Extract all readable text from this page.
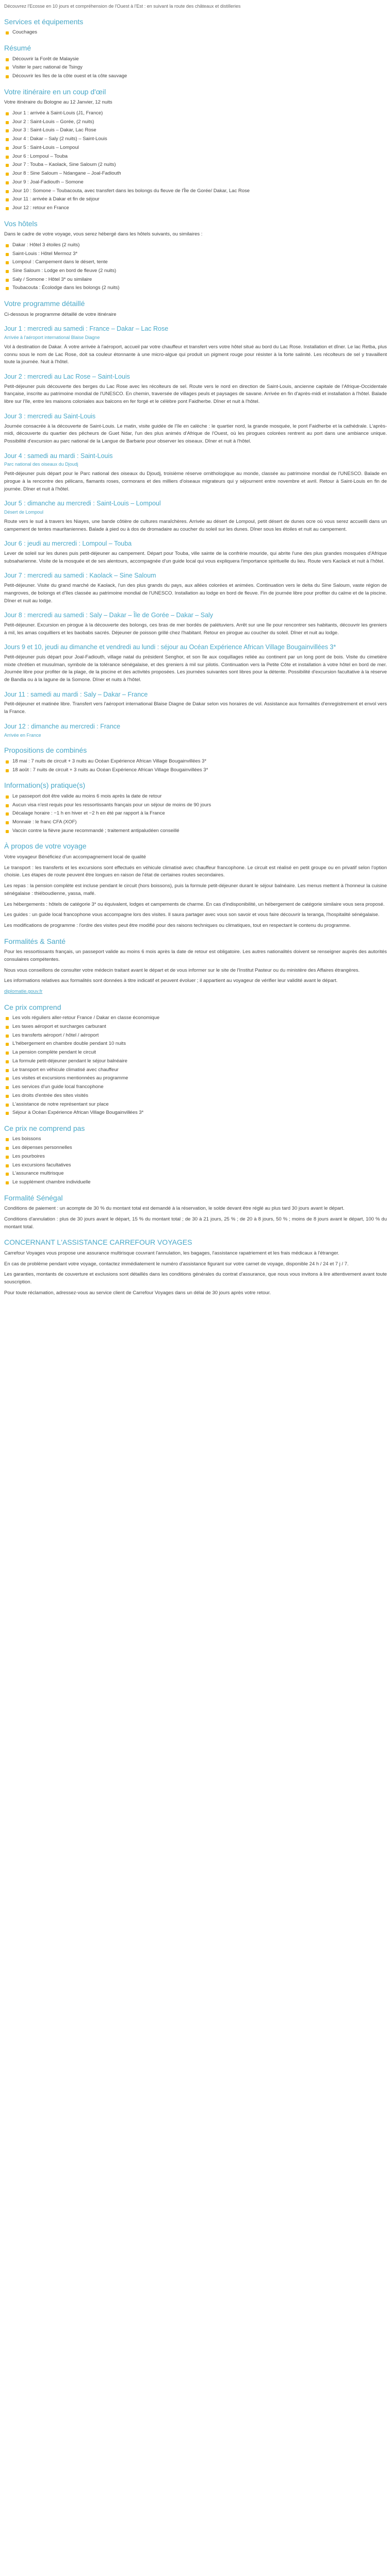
Découvrez l'Ecosse en 10 jours et compréhension de l'Ouest à l'Est : en suivant la route des châteaux et distilleries
Services et équipements
Couchages
Résumé
Découvrir la Forêt de Malaysie
Visiter le parc national de Tsingy
Découvrir les îles de la côte ouest et la côte sauvage
Votre itinéraire en un coup d'œil

Votre itinéraire du Bologne au 12 Janvier, 12 nuits

Jour 1 : arrivée à Saint-Louis (J1, France)
Jour 2 : Saint-Louis – Gorée, (2 nuits)
Jour 3 : Saint-Louis – Dakar, Lac Rose
Jour 4 : Dakar – Saly (2 nuits) – Saint-Louis
Jour 5 : Saint-Louis – Lompoul
Jour 6 : Lompoul – Touba
Jour 7 : Touba – Kaolack, Sine Saloum (2 nuits)
Jour 8 : Sine Saloum – Ndangane – Joal-Fadiouth
Jour 9 : Joal-Fadiouth – Somone
Jour 10 : Somone – Toubacouta, avec transfert dans les bolongs du fleuve de l'Île de Gorée/ Dakar, Lac Rose
Jour 11 : arrivée à Dakar et fin de séjour
Jour 12 : retour en France
Vos hôtels

Dans le cadre de votre voyage, vous serez hébergé dans les hôtels suivants, ou similaires :

Dakar : Hôtel 3 étoiles (2 nuits)
Saint-Louis : Hôtel Mermoz 3*
Lompoul : Campement dans le désert, tente
Sine Saloum : Lodge en bord de fleuve (2 nuits)
Saly / Somone : Hôtel 3* ou similaire
Toubacouta : Écolodge dans les bolongs (2 nuits)
Votre programme détaillé

Ci-dessous le programme détaillé de votre itinéraire

Jour 1 : mercredi au samedi : France – Dakar – Lac Rose
Arrivée à l'aéroport international Blaise Diagne

Vol à destination de Dakar. À votre arrivée à l'aéroport, accueil par votre chauffeur et transfert vers votre hôtel situé au bord du Lac Rose. Installation et dîner. Le lac Retba, plus connu sous le nom de Lac Rose, doit sa couleur étonnante à une micro-algue qui produit un pigment rouge pour résister à la forte salinité. Les récolteurs de sel y travaillent toute la journée. Nuit à l'hôtel.

Jour 2 : mercredi au Lac Rose – Saint-Louis

Petit-déjeuner puis découverte des berges du Lac Rose avec les récolteurs de sel. Route vers le nord en direction de Saint-Louis, ancienne capitale de l'Afrique-Occidentale française, inscrite au patrimoine mondial de l'UNESCO. En chemin, traversée de villages peuls et paysages de savane. Arrivée en fin d'après-midi et installation à l'hôtel. Balade libre sur l'île, entre les maisons coloniales aux balcons en fer forgé et le célèbre pont Faidherbe. Dîner et nuit à l'hôtel.

Jour 3 : mercredi au Saint-Louis

Journée consacrée à la découverte de Saint-Louis. Le matin, visite guidée de l'île en calèche : le quartier nord, la grande mosquée, le pont Faidherbe et la cathédrale. L'après-midi, découverte du quartier des pêcheurs de Guet Ndar, l'un des plus animés d'Afrique de l'Ouest, où les pirogues colorées rentrent au port dans une ambiance unique. Possibilité d'excursion au parc national de la Langue de Barbarie pour observer les oiseaux. Dîner et nuit à l'hôtel.

Jour 4 : samedi au mardi : Saint-Louis
Parc national des oiseaux du Djoudj

Petit-déjeuner puis départ pour le Parc national des oiseaux du Djoudj, troisième réserve ornithologique au monde, classée au patrimoine mondial de l'UNESCO. Balade en pirogue à la rencontre des pélicans, flamants roses, cormorans et des milliers d'oiseaux migrateurs qui y séjournent entre novembre et avril. Retour à Saint-Louis en fin de journée. Dîner et nuit à l'hôtel.

Jour 5 : dimanche au mercredi : Saint-Louis – Lompoul
Désert de Lompoul

Route vers le sud à travers les Niayes, une bande côtière de cultures maraîchères. Arrivée au désert de Lompoul, petit désert de dunes ocre où vous serez accueilli dans un campement de tentes mauritaniennes. Balade à pied ou à dos de dromadaire au coucher du soleil sur les dunes. Dîner sous les étoiles et nuit au campement.

Jour 6 : jeudi au mercredi : Lompoul – Touba

Lever de soleil sur les dunes puis petit-déjeuner au campement. Départ pour Touba, ville sainte de la confrérie mouride, qui abrite l'une des plus grandes mosquées d'Afrique subsaharienne. Visite de la mosquée et de ses alentours, accompagnée d'un guide local qui vous expliquera l'importance spirituelle du lieu. Route vers Kaolack et nuit à l'hôtel.

Jour 7 : mercredi au samedi : Kaolack – Sine Saloum

Petit-déjeuner. Visite du grand marché de Kaolack, l'un des plus grands du pays, aux allées colorées et animées. Continuation vers le delta du Sine Saloum, vaste région de mangroves, de bolongs et d'îles classée au patrimoine mondial de l'UNESCO. Installation au lodge en bord de fleuve. Fin de journée libre pour profiter du calme et de la piscine. Dîner et nuit au lodge.

Jour 8 : mercredi au samedi : Saly – Dakar – Île de Gorée – Dakar – Saly

Petit-déjeuner. Excursion en pirogue à la découverte des bolongs, ces bras de mer bordés de palétuviers. Arrêt sur une île pour rencontrer ses habitants, découvrir les greniers à mil, les amas coquilliers et les baobabs sacrés. Déjeuner de poisson grillé chez l'habitant. Retour en pirogue au coucher du soleil. Dîner et nuit au lodge.

Jours 9 et 10, jeudi au dimanche et vendredi au lundi : séjour au Océan Expérience African Village Bougainvillées 3*

Petit-déjeuner puis départ pour Joal-Fadiouth, village natal du président Senghor, et son île aux coquillages reliée au continent par un long pont de bois. Visite du cimetière mixte chrétien et musulman, symbole de la tolérance sénégalaise, et des greniers à mil sur pilotis. Continuation vers la Petite Côte et installation à votre hôtel en bord de mer. Journée libre pour profiter de la plage, de la piscine et des activités proposées. Les journées suivantes sont libres pour la détente. Possibilité d'excursion facultative à la réserve de Bandia ou à la lagune de la Somone. Dîner et nuits à l'hôtel.

Jour 11 : samedi au mardi : Saly – Dakar – France

Petit-déjeuner et matinée libre. Transfert vers l'aéroport international Blaise Diagne de Dakar selon vos horaires de vol. Assistance aux formalités d'enregistrement et envol vers la France.

Jour 12 : dimanche au mercredi : France
Arrivée en France
Propositions de combinés
18 mai : 7 nuits de circuit + 3 nuits au Océan Expérience African Village Bougainvillées 3*
18 août : 7 nuits de circuit + 3 nuits au Océan Expérience African Village Bougainvillées 3*
Information(s) pratique(s)
Le passeport doit être valide au moins 6 mois après la date de retour
Aucun visa n'est requis pour les ressortissants français pour un séjour de moins de 90 jours
Décalage horaire : −1 h en hiver et −2 h en été par rapport à la France
Monnaie : le franc CFA (XOF)
Vaccin contre la fièvre jaune recommandé ; traitement antipaludéen conseillé
À propos de votre voyage

Votre voyageur Bénéficiez d'un accompagnement local de qualité

Le transport : les transferts et les excursions sont effectués en véhicule climatisé avec chauffeur francophone. Le circuit est réalisé en petit groupe ou en privatif selon l'option choisie. Les étapes de route peuvent être longues en raison de l'état de certaines routes secondaires.

Les repas : la pension complète est incluse pendant le circuit (hors boissons), puis la formule petit-déjeuner durant le séjour balnéaire. Les menus mettent à l'honneur la cuisine sénégalaise : thiéboudienne, yassa, mafé.

Les hébergements : hôtels de catégorie 3* ou équivalent, lodges et campements de charme. En cas d'indisponibilité, un hébergement de catégorie similaire vous sera proposé.

Les guides : un guide local francophone vous accompagne lors des visites. Il saura partager avec vous son savoir et vous faire découvrir la teranga, l'hospitalité sénégalaise.

Les modifications de programme : l'ordre des visites peut être modifié pour des raisons techniques ou climatiques, tout en respectant le contenu du programme.

Formalités & Santé

Pour les ressortissants français, un passeport valide au moins 6 mois après la date de retour est obligatoire. Les autres nationalités doivent se renseigner auprès des autorités consulaires compétentes.

Nous vous conseillons de consulter votre médecin traitant avant le départ et de vous informer sur le site de l'Institut Pasteur ou du ministère des Affaires étrangères.

Les informations relatives aux formalités sont données à titre indicatif et peuvent évoluer ; il appartient au voyageur de vérifier leur validité avant le départ.

diplomatie.gouv.fr

Ce prix comprend
Les vols réguliers aller-retour France / Dakar en classe économique
Les taxes aéroport et surcharges carburant
Les transferts aéroport / hôtel / aéroport
L'hébergement en chambre double pendant 10 nuits
La pension complète pendant le circuit
La formule petit-déjeuner pendant le séjour balnéaire
Le transport en véhicule climatisé avec chauffeur
Les visites et excursions mentionnées au programme
Les services d'un guide local francophone
Les droits d'entrée des sites visités
L'assistance de notre représentant sur place
Séjour à Océan Expérience African Village Bougainvillées 3*
Ce prix ne comprend pas
Les boissons
Les dépenses personnelles
Les pourboires
Les excursions facultatives
L'assurance multirisque
Le supplément chambre individuelle
Formalité Sénégal

Conditions de paiement : un acompte de 30 % du montant total est demandé à la réservation, le solde devant être réglé au plus tard 30 jours avant le départ.

Conditions d'annulation : plus de 30 jours avant le départ, 15 % du montant total ; de 30 à 21 jours, 25 % ; de 20 à 8 jours, 50 % ; moins de 8 jours avant le départ, 100 % du montant total.

CONCERNANT L'ASSISTANCE CARREFOUR VOYAGES

Carrefour Voyages vous propose une assurance multirisque couvrant l'annulation, les bagages, l'assistance rapatriement et les frais médicaux à l'étranger.

En cas de problème pendant votre voyage, contactez immédiatement le numéro d'assistance figurant sur votre carnet de voyage, disponible 24 h / 24 et 7 j / 7.

Les garanties, montants de couverture et exclusions sont détaillés dans les conditions générales du contrat d'assurance, que nous vous invitons à lire attentivement avant toute souscription.

Pour toute réclamation, adressez-vous au service client de Carrefour Voyages dans un délai de 30 jours après votre retour.
